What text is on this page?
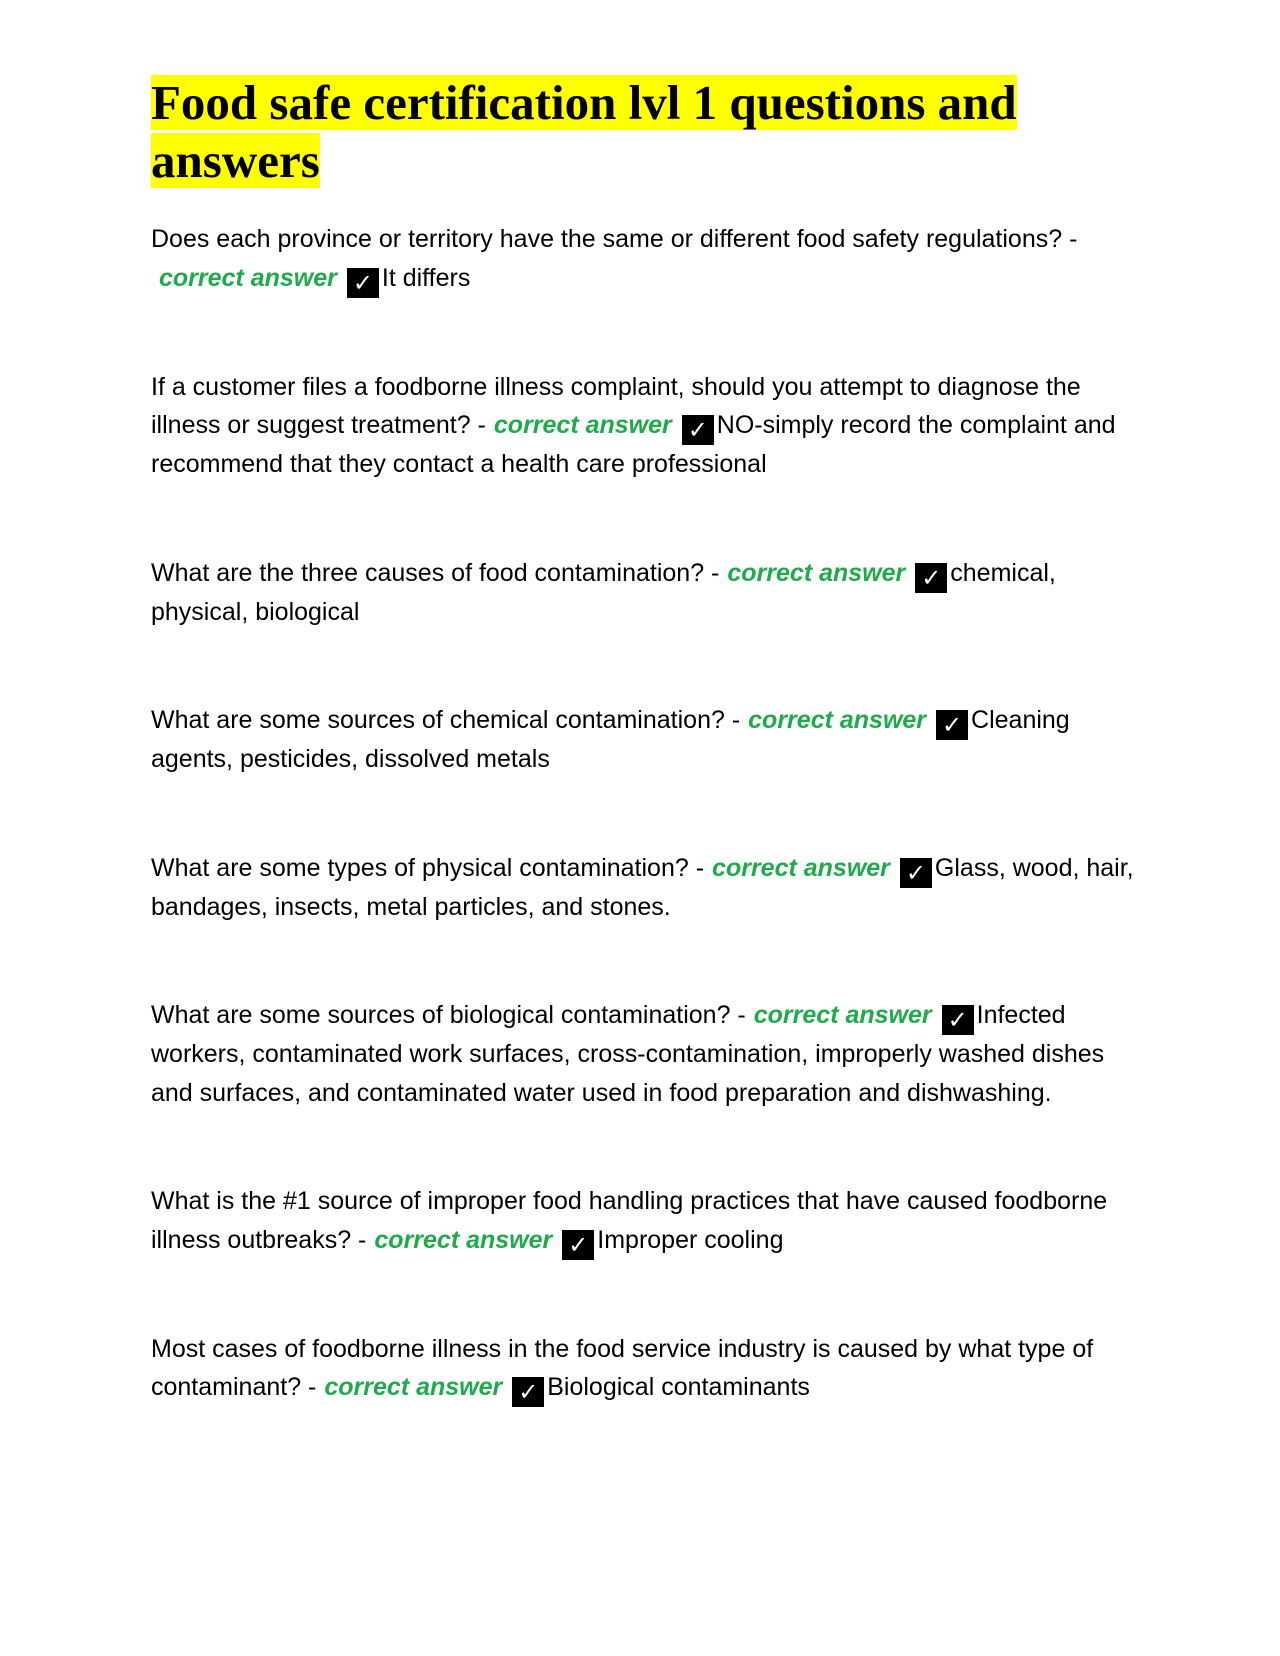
Food safe certification lvl 1 questions and answers
Does each province or territory have the same or different food safety regulations? -correct answer ✓ It differs
If a customer files a foodborne illness complaint, should you attempt to diagnose the illness or suggest treatment? - correct answer ✓ NO-simply record the complaint and recommend that they contact a health care professional
What are the three causes of food contamination? - correct answer ✓ chemical, physical, biological
What are some sources of chemical contamination? - correct answer ✓ Cleaning agents, pesticides, dissolved metals
What are some types of physical contamination? - correct answer ✓ Glass, wood, hair, bandages, insects, metal particles, and stones.
What are some sources of biological contamination? - correct answer ✓ Infected workers, contaminated work surfaces, cross-contamination, improperly washed dishes and surfaces, and contaminated water used in food preparation and dishwashing.
What is the #1 source of improper food handling practices that have caused foodborne illness outbreaks? - correct answer ✓ Improper cooling
Most cases of foodborne illness in the food service industry is caused by what type of contaminant? - correct answer ✓ Biological contaminants
